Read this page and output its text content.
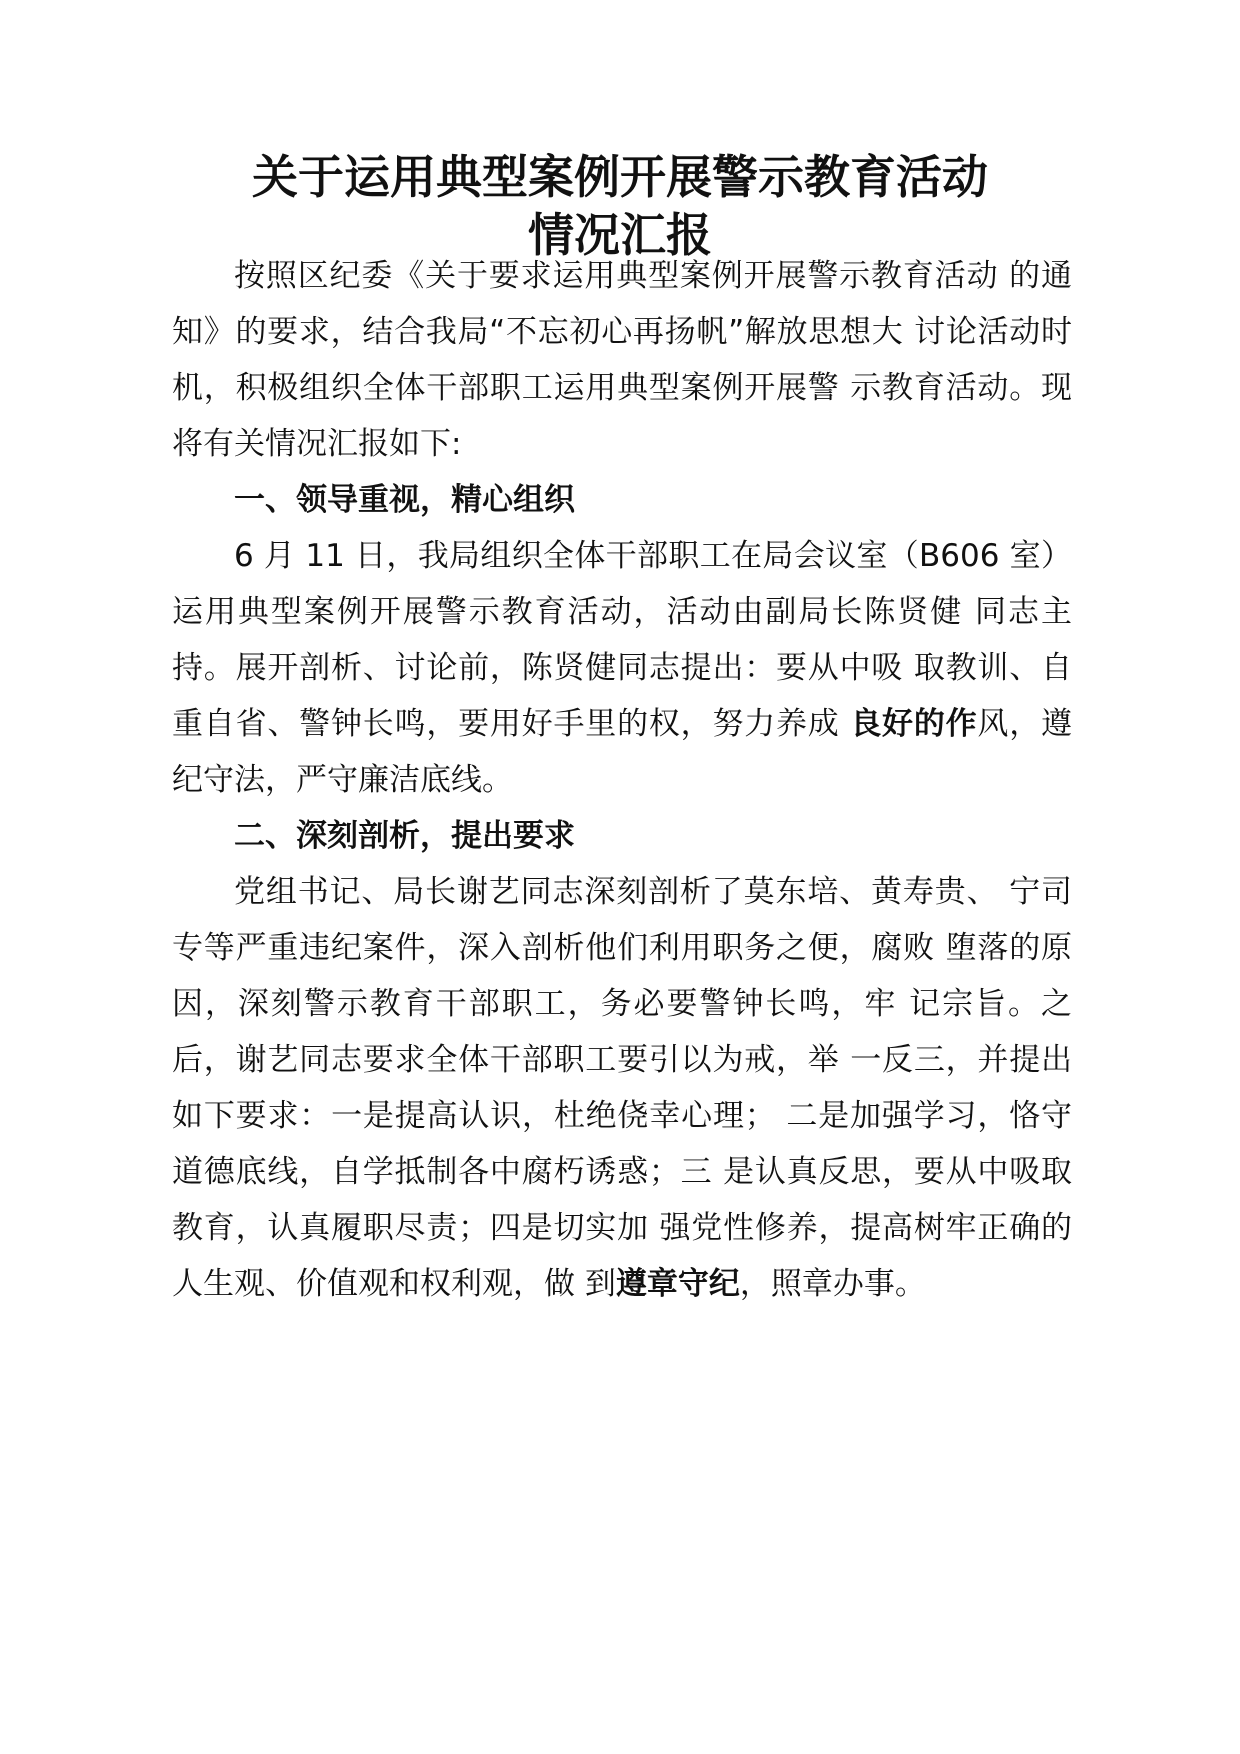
关于运用典型案例开展警示教育活动
情况汇报

按照区纪委《关于要求运用典型案例开展警示教育活动 的通知》的要求，结合我局“不忘初心再扬帆”解放思想大 讨论活动时机，积极组织全体干部职工运用典型案例开展警 示教育活动。现将有关情况汇报如下:

一、领导重视，精心组织

6 月 11 日，我局组织全体干部职工在局会议室（B606 室）运用典型案例开展警示教育活动，活动由副局长陈贤健 同志主持。展开剖析、讨论前，陈贤健同志提出：要从中吸 取教训、自重自省、警钟长鸣，要用好手里的权，努力养成 良好的作风，遵纪守法，严守廉洁底线。

二、深刻剖析，提出要求

党组书记、局长谢艺同志深刻剖析了莫东培、黄寿贵、 宁司专等严重违纪案件，深入剖析他们利用职务之便，腐败 堕落的原因，深刻警示教育干部职工，务必要警钟长鸣，牢 记宗旨。之后，谢艺同志要求全体干部职工要引以为戒，举 一反三，并提出如下要求：一是提高认识，杜绝侥幸心理； 二是加强学习，恪守道德底线，自学抵制各中腐朽诱惑；三 是认真反思，要从中吸取教育，认真履职尽责；四是切实加 强党性修养，提高树牢正确的人生观、价值观和权利观，做 到遵章守纪，照章办事。
